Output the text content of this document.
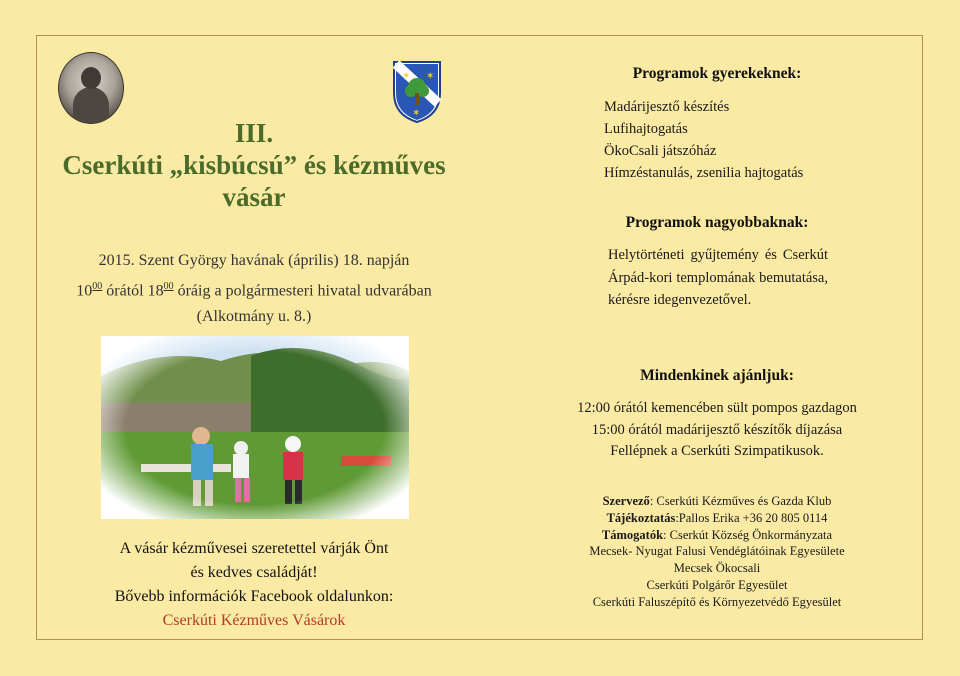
✶ ✶
✶
III.
Cserkúti „kisbúcsú” és kézműves
vásár
2015. Szent György havának (április) 18. napján
$10^{00}$ órától $18^{00}$ óráig a polgármesteri hivatal udvarában
(Alkotmány u. 8.)
A vásár kézművesei szeretettel várják Önt
és kedves családját!
Bővebb információk Facebook oldalunkon:
Cserkúti Kézműves Vásárok
Programok gyerekeknek:
Madárijesztő készítés
Lufihajtogatás
ÖkoCsali játszóház
Hímzéstanulás, zsenilia hajtogatás
Programok nagyobbaknak:
Helytörténeti gyűjtemény és Cserkút Árpád-kori templomának bemutatása, kérésre idegenvezetővel.
Mindenkinek ajánljuk:
12:00 órától kemencében sült pompos gazdagon
15:00 órától madárijesztő készítők díjazása
Fellépnek a Cserkúti Szimpatikusok.
Szervező: Cserkúti Kézműves és Gazda Klub
Tájékoztatás:Pallos Erika +36 20 805 0114
Támogatók: Cserkút Község Önkormányzata
Mecsek- Nyugat Falusi Vendéglátóinak Egyesülete
Mecsek Ökocsali
Cserkúti Polgárőr Egyesület
Cserkúti Faluszépítő és Környezetvédő Egyesület
